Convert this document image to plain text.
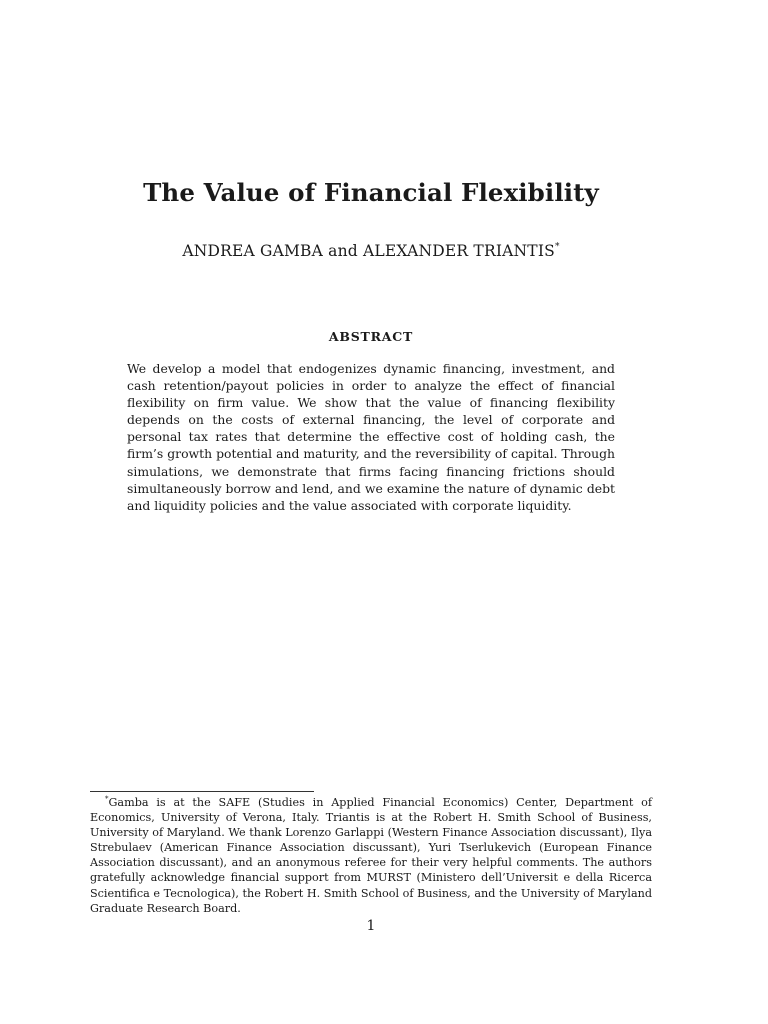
The Value of Financial Flexibility
ANDREA GAMBA and ALEXANDER TRIANTIS*
ABSTRACT
We develop a model that endogenizes dynamic financing, investment, and cash retention/payout policies in order to analyze the effect of financial flexibility on firm value. We show that the value of financing flexibility depends on the costs of external financing, the level of corporate and personal tax rates that determine the effective cost of holding cash, the firm’s growth potential and maturity, and the reversibility of capital. Through simulations, we demonstrate that firms facing financing frictions should simultaneously borrow and lend, and we examine the nature of dynamic debt and liquidity policies and the value associated with corporate liquidity.
*Gamba is at the SAFE (Studies in Applied Financial Economics) Center, Department of Economics, University of Verona, Italy. Triantis is at the Robert H. Smith School of Business, University of Maryland. We thank Lorenzo Garlappi (Western Finance Association discussant), Ilya Strebulaev (American Finance Association discussant), Yuri Tserlukevich (European Finance Association discussant), and an anonymous referee for their very helpful comments. The authors gratefully acknowledge financial support from MURST (Ministero dell’Universit e della Ricerca Scientifica e Tecnologica), the Robert H. Smith School of Business, and the University of Maryland Graduate Research Board.
1
